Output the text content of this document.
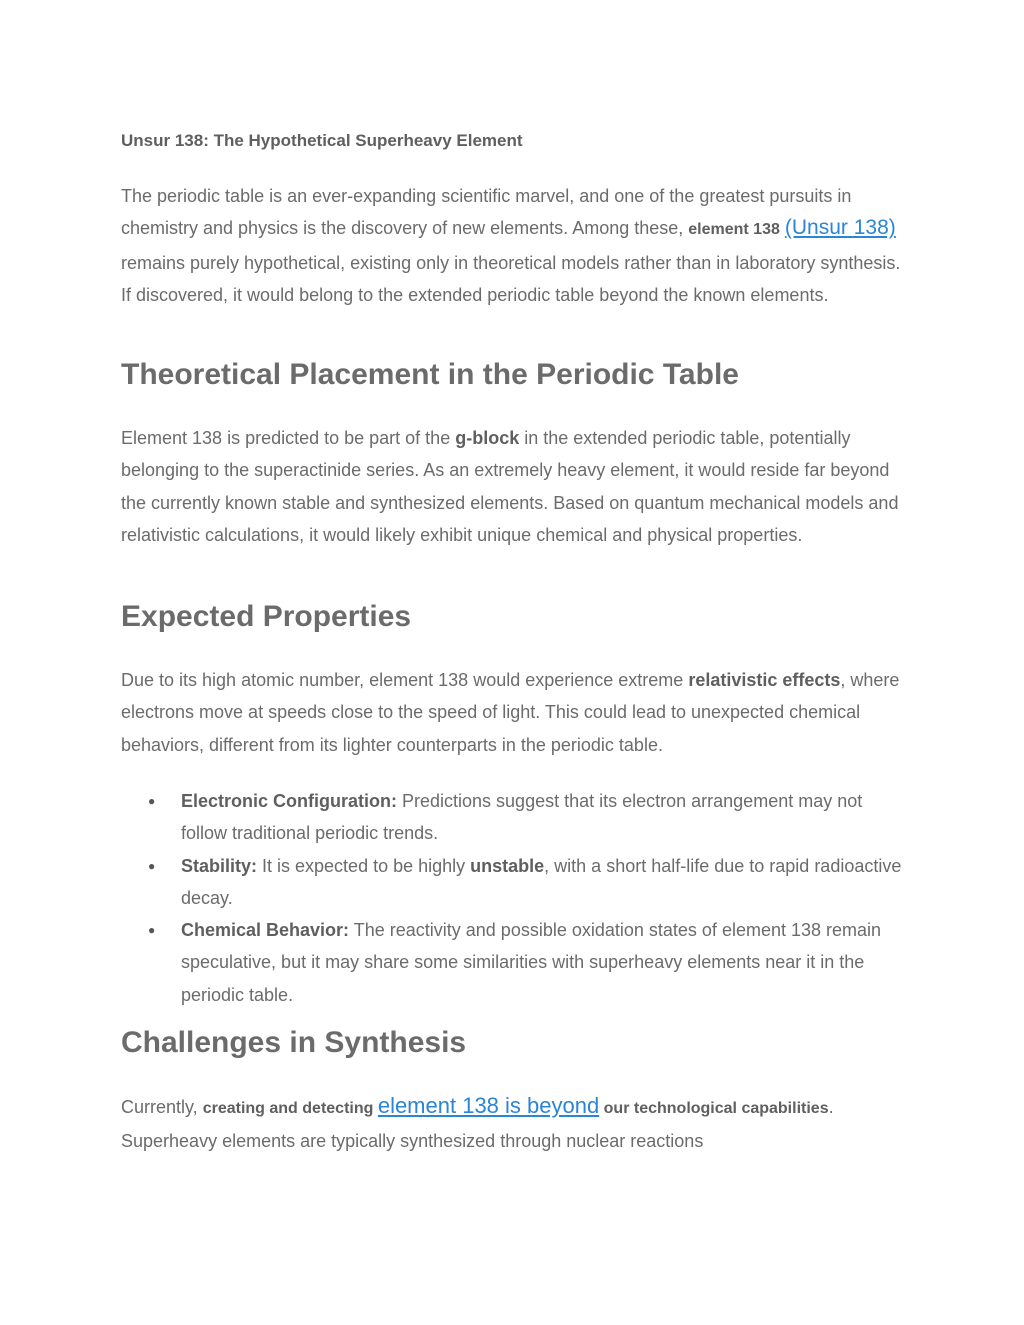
Unsur 138: The Hypothetical Superheavy Element

The periodic table is an ever-expanding scientific marvel, and one of the greatest pursuits in chemistry and physics is the discovery of new elements. Among these, element 138 (Unsur 138) remains purely hypothetical, existing only in theoretical models rather than in laboratory synthesis. If discovered, it would belong to the extended periodic table beyond the known elements.

Theoretical Placement in the Periodic Table

Element 138 is predicted to be part of the g-block in the extended periodic table, potentially belonging to the superactinide series. As an extremely heavy element, it would reside far beyond the currently known stable and synthesized elements. Based on quantum mechanical models and relativistic calculations, it would likely exhibit unique chemical and physical properties.

Expected Properties

Due to its high atomic number, element 138 would experience extreme relativistic effects, where electrons move at speeds close to the speed of light. This could lead to unexpected chemical behaviors, different from its lighter counterparts in the periodic table.

● Electronic Configuration: Predictions suggest that its electron arrangement may not follow traditional periodic trends.
● Stability: It is expected to be highly unstable, with a short half-life due to rapid radioactive decay.
● Chemical Behavior: The reactivity and possible oxidation states of element 138 remain speculative, but it may share some similarities with superheavy elements near it in the periodic table.
Challenges in Synthesis

Currently, creating and detecting element 138 is beyond our technological capabilities. Superheavy elements are typically synthesized through nuclear reactions
